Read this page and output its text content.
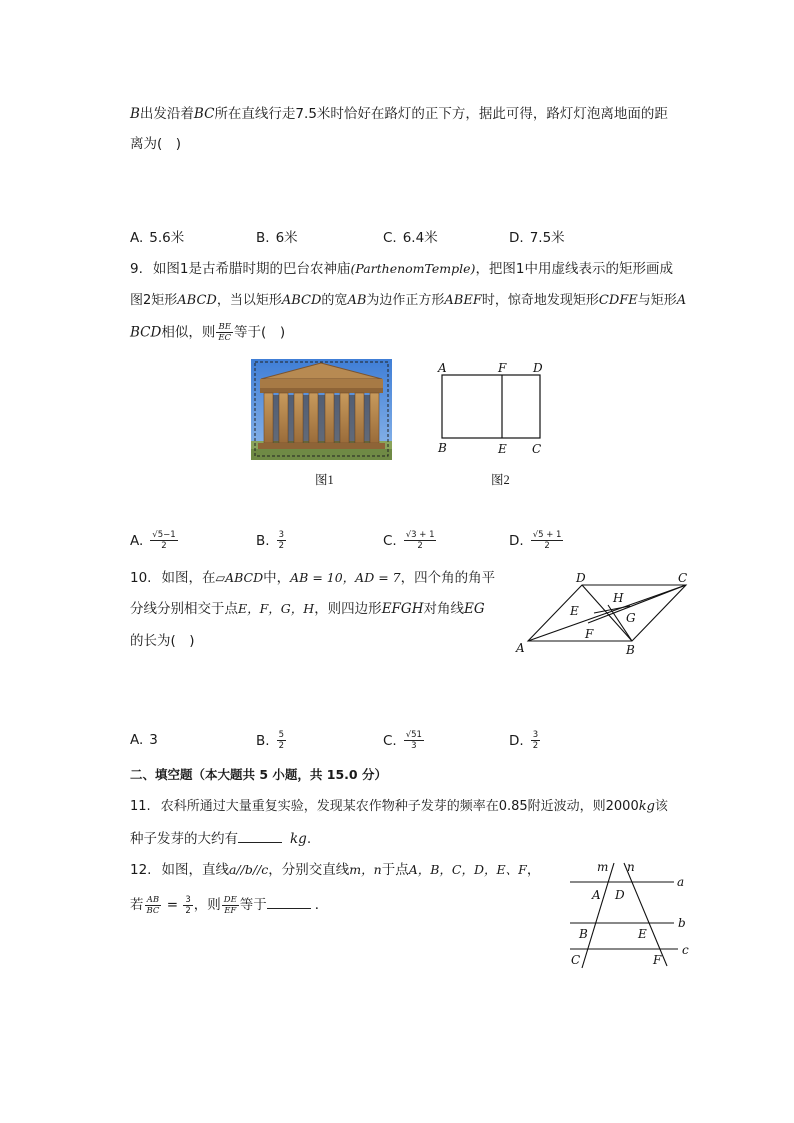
B出发沿着BC所在直线行走7.5米时恰好在路灯的正下方，据此可得，路灯灯泡离地面的距
离为(　)
A. 5.6米	B. 6米	C. 6.4米	D. 7.5米
9. 如图1是古希腊时期的巴台农神庙(ParthenomTemple)，把图1中用虚线表示的矩形画成
图2矩形ABCD，当以矩形ABCD的宽AB为边作正方形ABEF时，惊奇地发现矩形CDFE与矩形A
BCD相似，则 $\frac{BE}{EC}$ 等于(　)
图1
A	F D
B	E C
图2
A. $\frac{√5-1}{2}$	B. $\frac{3}{2}$	C. $\frac{√3 + 1}{2}$	D. $\frac{√5 + 1}{2}$
10. 如图，在▱ABCD中，AB = 10，AD = 7，四个角的角平
分线分别相交于点E，F，G，H，则四边形EFGH对角线EG
的长为(　)
D	C
H
E	G
F
A	B
A. 3	B. $\frac{5}{2}$	C. $\frac{√51}{3}$	D. $\frac{3}{2}$
二、填空题（本大题共 5 小题，共 15.0 分）
11. 农科所通过大量重复实验，发现某农作物种子发芽的频率在0.85附近波动，则2000kg该
种子发芽的大约有	kg.
12. 如图，直线a//b//c，分别交直线m，n于点A，B，C，D，E、F，
若 $\frac{AB}{BC} = \frac{3}{2}$ ，则 $\frac{DE}{EF}$ 等于	．
m n
a
b
c
A D
B	E
C	F
